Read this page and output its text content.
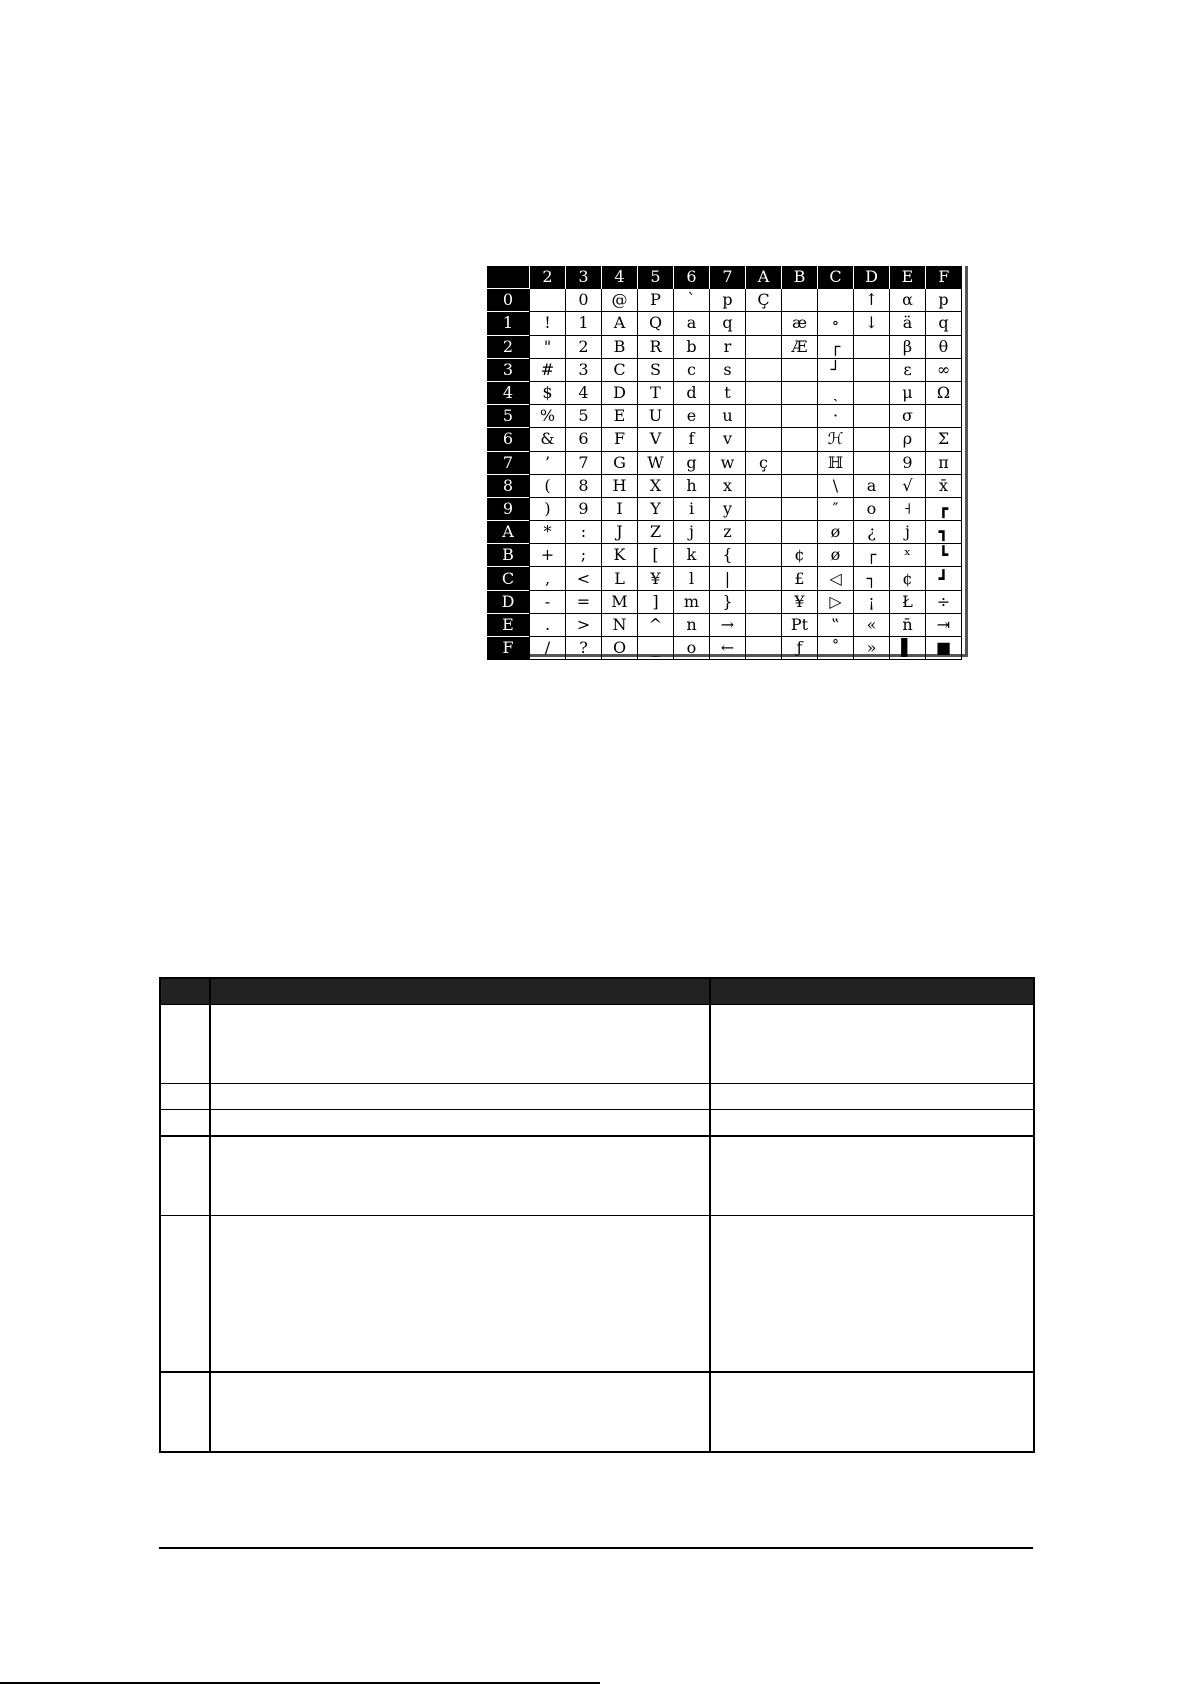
	2	3	4	5	6	7	A	B	C	D	E	F
0		0	@	P	`	p	Ç			↑	α	p
1	!	1	A	Q	a	q		æ	∘	↓	ä	q
2	"	2	B	R	b	r		Æ	┌		β	θ
3	#	3	C	S	c	s			┘		ε	∞
4	$	4	D	T	d	t			ˎ		μ	Ω
5	%	5	E	U	e	u			·		σ	
6	&	6	F	V	f	v			ℋ		ρ	Σ
7	’	7	G	W	g	w	ç		ℍ		9	π
8	(	8	H	X	h	x			\	a	√	x̄
9	)	9	I	Y	i	y			″	o	˧	┏
A	*	:	J	Z	j	z			ø	¿	j	┓
B	+	;	K	[	k	{		¢	ø	┌	ˣ	┗
C	,	<	L	¥	l	|		£	◁	┐	¢	┛
D	-	=	M	]	m	}		¥	▷	¡	Ł	÷
E	.	>	N	^	n	→		Pt	‟	«	n̄	⇥
F	/	?	O	_	o	←		ƒ	˚	»	▌	■
